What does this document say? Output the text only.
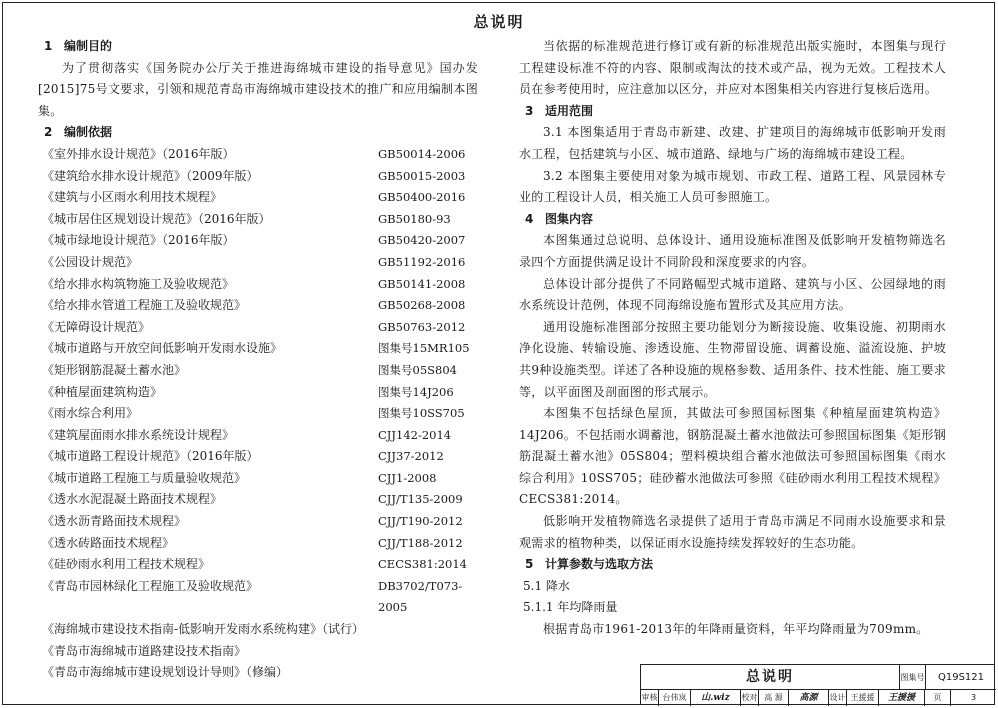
总说明
1 编制目的
为了贯彻落实《国务院办公厅关于推进海绵城市建设的指导意见》国办发[2015]75号文要求，引领和规范青岛市海绵城市建设技术的推广和应用编制本图集。
2 编制依据
《室外排水设计规范》（2016年版）	GB50014-2006
《建筑给水排水设计规范》（2009年版）	GB50015-2003
《建筑与小区雨水利用技术规程》	GB50400-2016
《城市居住区规划设计规范》（2016年版）	GB50180-93
《城市绿地设计规范》（2016年版）	GB50420-2007
《公园设计规范》	GB51192-2016
《给水排水构筑物施工及验收规范》	GB50141-2008
《给水排水管道工程施工及验收规范》	GB50268-2008
《无障碍设计规范》	GB50763-2012
《城市道路与开放空间低影响开发雨水设施》	图集号15MR105
《矩形钢筋混凝土蓄水池》	图集号05S804
《种植屋面建筑构造》	图集号14J206
《雨水综合利用》	图集号10SS705
《建筑屋面雨水排水系统设计规程》	CJJ142-2014
《城市道路工程设计规范》（2016年版）	CJJ37-2012
《城市道路工程施工与质量验收规范》	CJJ1-2008
《透水水泥混凝土路面技术规程》	CJJ/T135-2009
《透水沥青路面技术规程》	CJJ/T190-2012
《透水砖路面技术规程》	CJJ/T188-2012
《硅砂雨水利用工程技术规程》	CECS381:2014
《青岛市园林绿化工程施工及验收规范》	DB3702/T073-2005
《海绵城市建设技术指南-低影响开发雨水系统构建》（试行）
《青岛市海绵城市道路建设技术指南》
《青岛市海绵城市建设规划设计导则》（修编）
当依据的标准规范进行修订或有新的标准规范出版实施时，本图集与现行工程建设标准不符的内容、限制或淘汰的技术或产品，视为无效。工程技术人员在参考使用时，应注意加以区分，并应对本图集相关内容进行复核后选用。
3 适用范围
3.1 本图集适用于青岛市新建、改建、扩建项目的海绵城市低影响开发雨水工程，包括建筑与小区、城市道路、绿地与广场的海绵城市建设工程。
3.2 本图集主要使用对象为城市规划、市政工程、道路工程、风景园林专业的工程设计人员，相关施工人员可参照施工。
4 图集内容
本图集通过总说明、总体设计、通用设施标准图及低影响开发植物筛选名录四个方面提供满足设计不同阶段和深度要求的内容。
总体设计部分提供了不同路幅型式城市道路、建筑与小区、公园绿地的雨水系统设计范例，体现不同海绵设施布置形式及其应用方法。
通用设施标准图部分按照主要功能划分为断接设施、收集设施、初期雨水净化设施、转输设施、渗透设施、生物滞留设施、调蓄设施、溢流设施、护坡共9种设施类型。详述了各种设施的规格参数、适用条件、技术性能、施工要求等，以平面图及剖面图的形式展示。
本图集不包括绿色屋顶，其做法可参照国标图集《种植屋面建筑构造》14J206。不包括雨水调蓄池，钢筋混凝土蓄水池做法可参照国标图集《矩形钢筋混凝土蓄水池》05S804；塑料模块组合蓄水池做法可参照国标图集《雨水综合利用》10SS705；硅砂蓄水池做法可参照《硅砂雨水利用工程技术规程》CECS381:2014。
低影响开发植物筛选名录提供了适用于青岛市满足不同雨水设施要求和景观需求的植物种类，以保证雨水设施持续发挥较好的生态功能。
5 计算参数与选取方法
5.1 降水
5.1.1 年均降雨量
根据青岛市1961-2013年的年降雨量资料，年平均降雨量为709mm。
总说明	图集号	Q19S121
审核 台伟岚	山.wiz	校对 高 源	高源	设计 王援援	王援援	页	3
